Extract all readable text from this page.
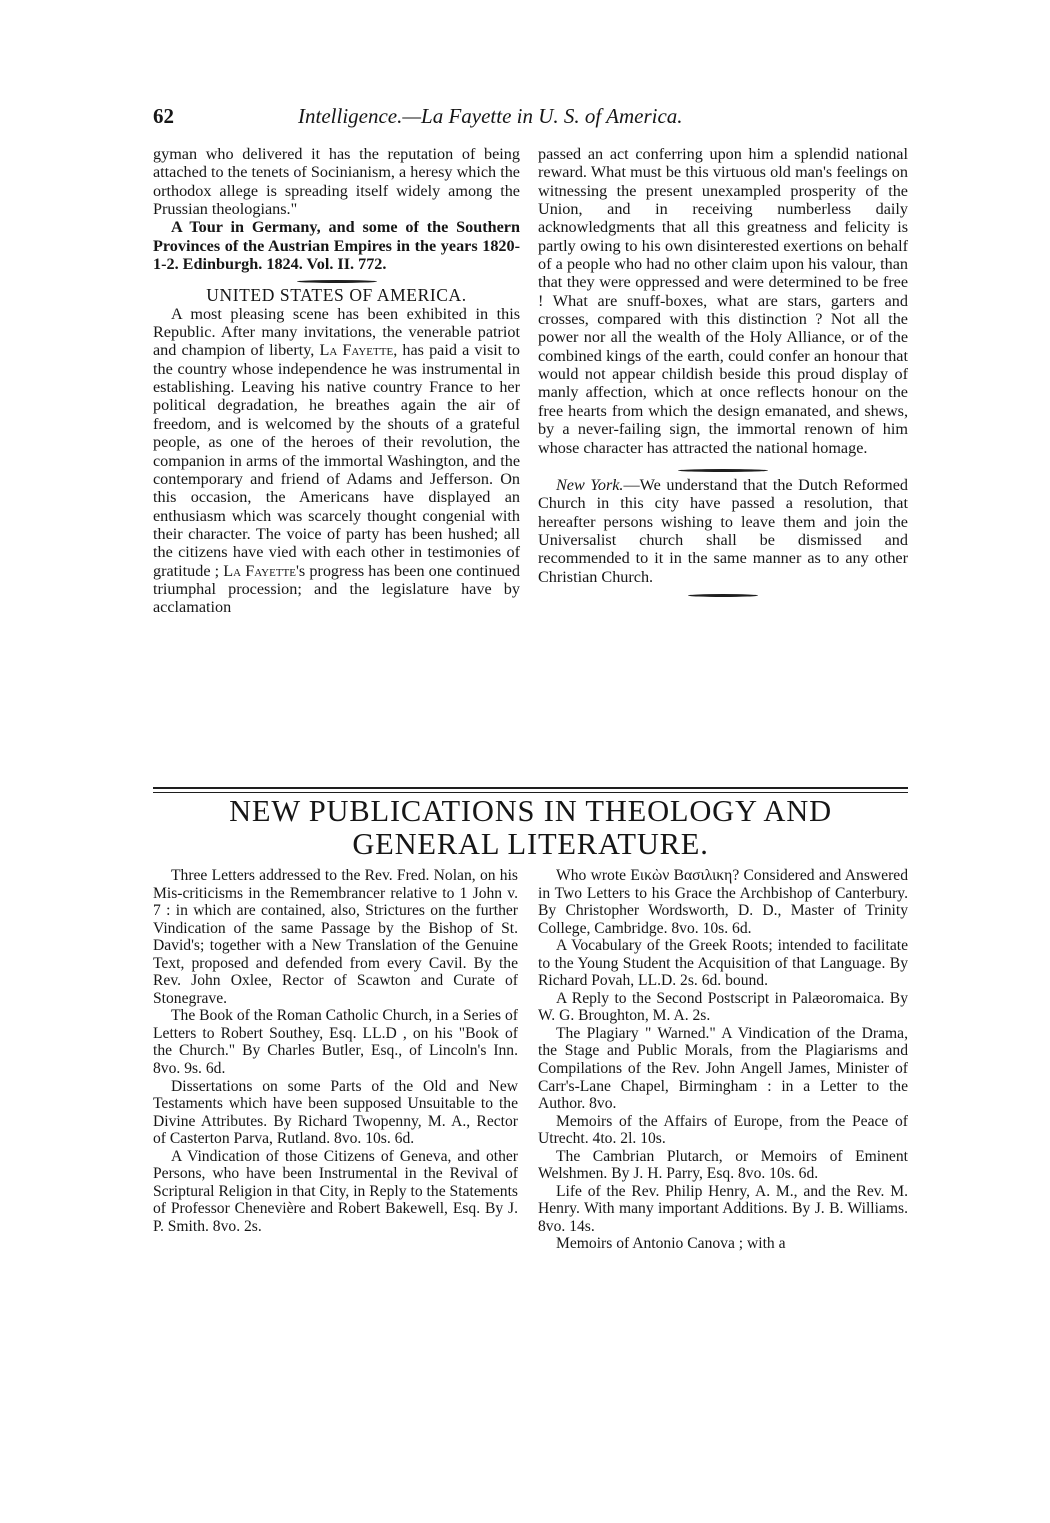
62	Intelligence.—La Fayette in U. S. of America.

gyman who delivered it has the reputation of being attached to the tenets of Socinianism, a heresy which the orthodox allege is spreading itself widely among the Prussian theologians."

A Tour in Germany, and some of the Southern Provinces of the Austrian Empires in the years 1820-1-2. Edinburgh. 1824. Vol. II. 772.

UNITED STATES OF AMERICA.

A most pleasing scene has been exhibited in this Republic. After many invitations, the venerable patriot and champion of liberty, La Fayette, has paid a visit to the country whose independence he was instrumental in establishing. Leaving his native country France to her political degradation, he breathes again the air of freedom, and is welcomed by the shouts of a grateful people, as one of the heroes of their revolution, the companion in arms of the immortal Washington, and the contemporary and friend of Adams and Jefferson. On this occasion, the Americans have displayed an enthusiasm which was scarcely thought congenial with their character. The voice of party has been hushed; all the citizens have vied with each other in testimonies of gratitude ; La Fayette's progress has been one continued triumphal procession; and the legislature have by acclamation

passed an act conferring upon him a splendid national reward. What must be this virtuous old man's feelings on witnessing the present unexampled prosperity of the Union, and in receiving numberless daily acknowledgments that all this greatness and felicity is partly owing to his own disinterested exertions on behalf of a people who had no other claim upon his valour, than that they were oppressed and were determined to be free ! What are snuff-boxes, what are stars, garters and crosses, compared with this distinction ? Not all the power nor all the wealth of the Holy Alliance, or of the combined kings of the earth, could confer an honour that would not appear childish beside this proud display of manly affection, which at once reflects honour on the free hearts from which the design emanated, and shews, by a never-failing sign, the immortal renown of him whose character has attracted the national homage.

New York.—We understand that the Dutch Reformed Church in this city have passed a resolution, that hereafter persons wishing to leave them and join the Universalist church shall be dismissed and recommended to it in the same manner as to any other Christian Church.

NEW PUBLICATIONS IN THEOLOGY AND
GENERAL LITERATURE.

Three Letters addressed to the Rev. Fred. Nolan, on his Mis-criticisms in the Remembrancer relative to 1 John v. 7 : in which are contained, also, Strictures on the further Vindication of the same Passage by the Bishop of St. David's; together with a New Translation of the Genuine Text, proposed and defended from every Cavil. By the Rev. John Oxlee, Rector of Scawton and Curate of Stonegrave.

The Book of the Roman Catholic Church, in a Series of Letters to Robert Southey, Esq. LL.D , on his "Book of the Church." By Charles Butler, Esq., of Lincoln's Inn. 8vo. 9s. 6d.

Dissertations on some Parts of the Old and New Testaments which have been supposed Unsuitable to the Divine Attributes. By Richard Twopenny, M. A., Rector of Casterton Parva, Rutland. 8vo. 10s. 6d.

A Vindication of those Citizens of Geneva, and other Persons, who have been Instrumental in the Revival of Scriptural Religion in that City, in Reply to the Statements of Professor Chenevière and Robert Bakewell, Esq. By J. P. Smith. 8vo. 2s.

Who wrote Εικὼν Βασιλικη? Considered and Answered in Two Letters to his Grace the Archbishop of Canterbury. By Christopher Wordsworth, D. D., Master of Trinity College, Cambridge. 8vo. 10s. 6d.

A Vocabulary of the Greek Roots; intended to facilitate to the Young Student the Acquisition of that Language. By Richard Povah, LL.D. 2s. 6d. bound.

A Reply to the Second Postscript in Palæoromaica. By W. G. Broughton, M. A. 2s.

The Plagiary " Warned." A Vindication of the Drama, the Stage and Public Morals, from the Plagiarisms and Compilations of the Rev. John Angell James, Minister of Carr's-Lane Chapel, Birmingham : in a Letter to the Author. 8vo.

Memoirs of the Affairs of Europe, from the Peace of Utrecht. 4to. 2l. 10s.

The Cambrian Plutarch, or Memoirs of Eminent Welshmen. By J. H. Parry, Esq. 8vo. 10s. 6d.

Life of the Rev. Philip Henry, A. M., and the Rev. M. Henry. With many important Additions. By J. B. Williams. 8vo. 14s.

Memoirs of Antonio Canova ; with a
